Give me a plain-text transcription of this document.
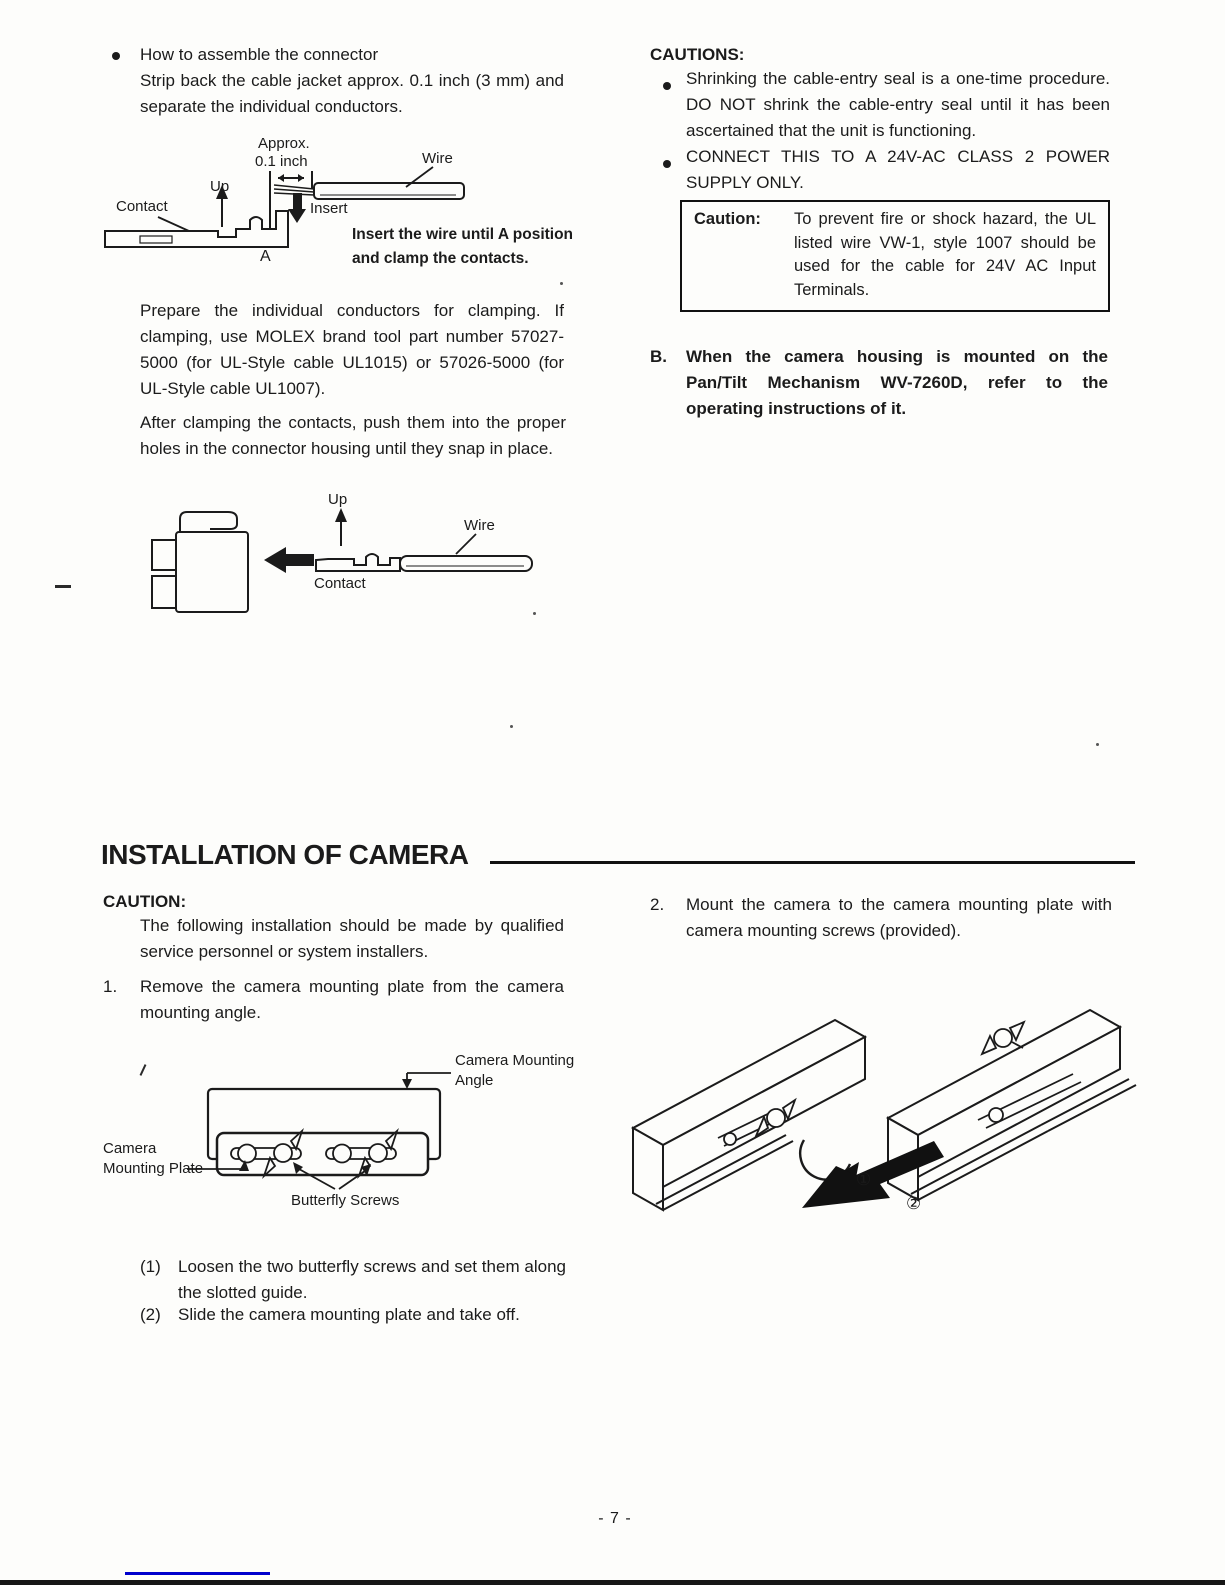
How to assemble the connector
Strip back the cable jacket approx. 0.1 inch (3 mm) and separate the individual conductors.
Approx.
0.1 inch	Wire
Up
Contact	Insert
A
Insert the wire until A position and clamp the contacts.
Prepare the individual conductors for clamping. If clamping, use MOLEX brand tool part number 57027-5000 (for UL-Style cable UL1015) or 57026-5000 (for UL-Style cable UL1007).
After clamping the contacts, push them into the proper holes in the connector housing until they snap in place.
Up
Wire
Contact
CAUTIONS:
Shrinking the cable-entry seal is a one-time procedure. DO NOT shrink the cable-entry seal until it has been ascertained that the unit is functioning.
CONNECT THIS TO A 24V-AC CLASS 2 POWER SUPPLY ONLY.
Caution:	To prevent fire or shock hazard, the UL listed wire VW-1, style 1007 should be used for the cable for 24V AC Input Terminals.
B. When the camera housing is mounted on the Pan/Tilt Mechanism WV-7260D, refer to the operating instructions of it.
INSTALLATION OF CAMERA
CAUTION:
The following installation should be made by qualified service personnel or system installers.
1. Remove the camera mounting plate from the camera mounting angle.
Camera Mounting Angle
Camera Mounting Plate
Butterfly Screws
(1) Loosen the two butterfly screws and set them along the slotted guide.
(2) Slide the camera mounting plate and take off.
2. Mount the camera to the camera mounting plate with camera mounting screws (provided).
①
②
- 7 -
